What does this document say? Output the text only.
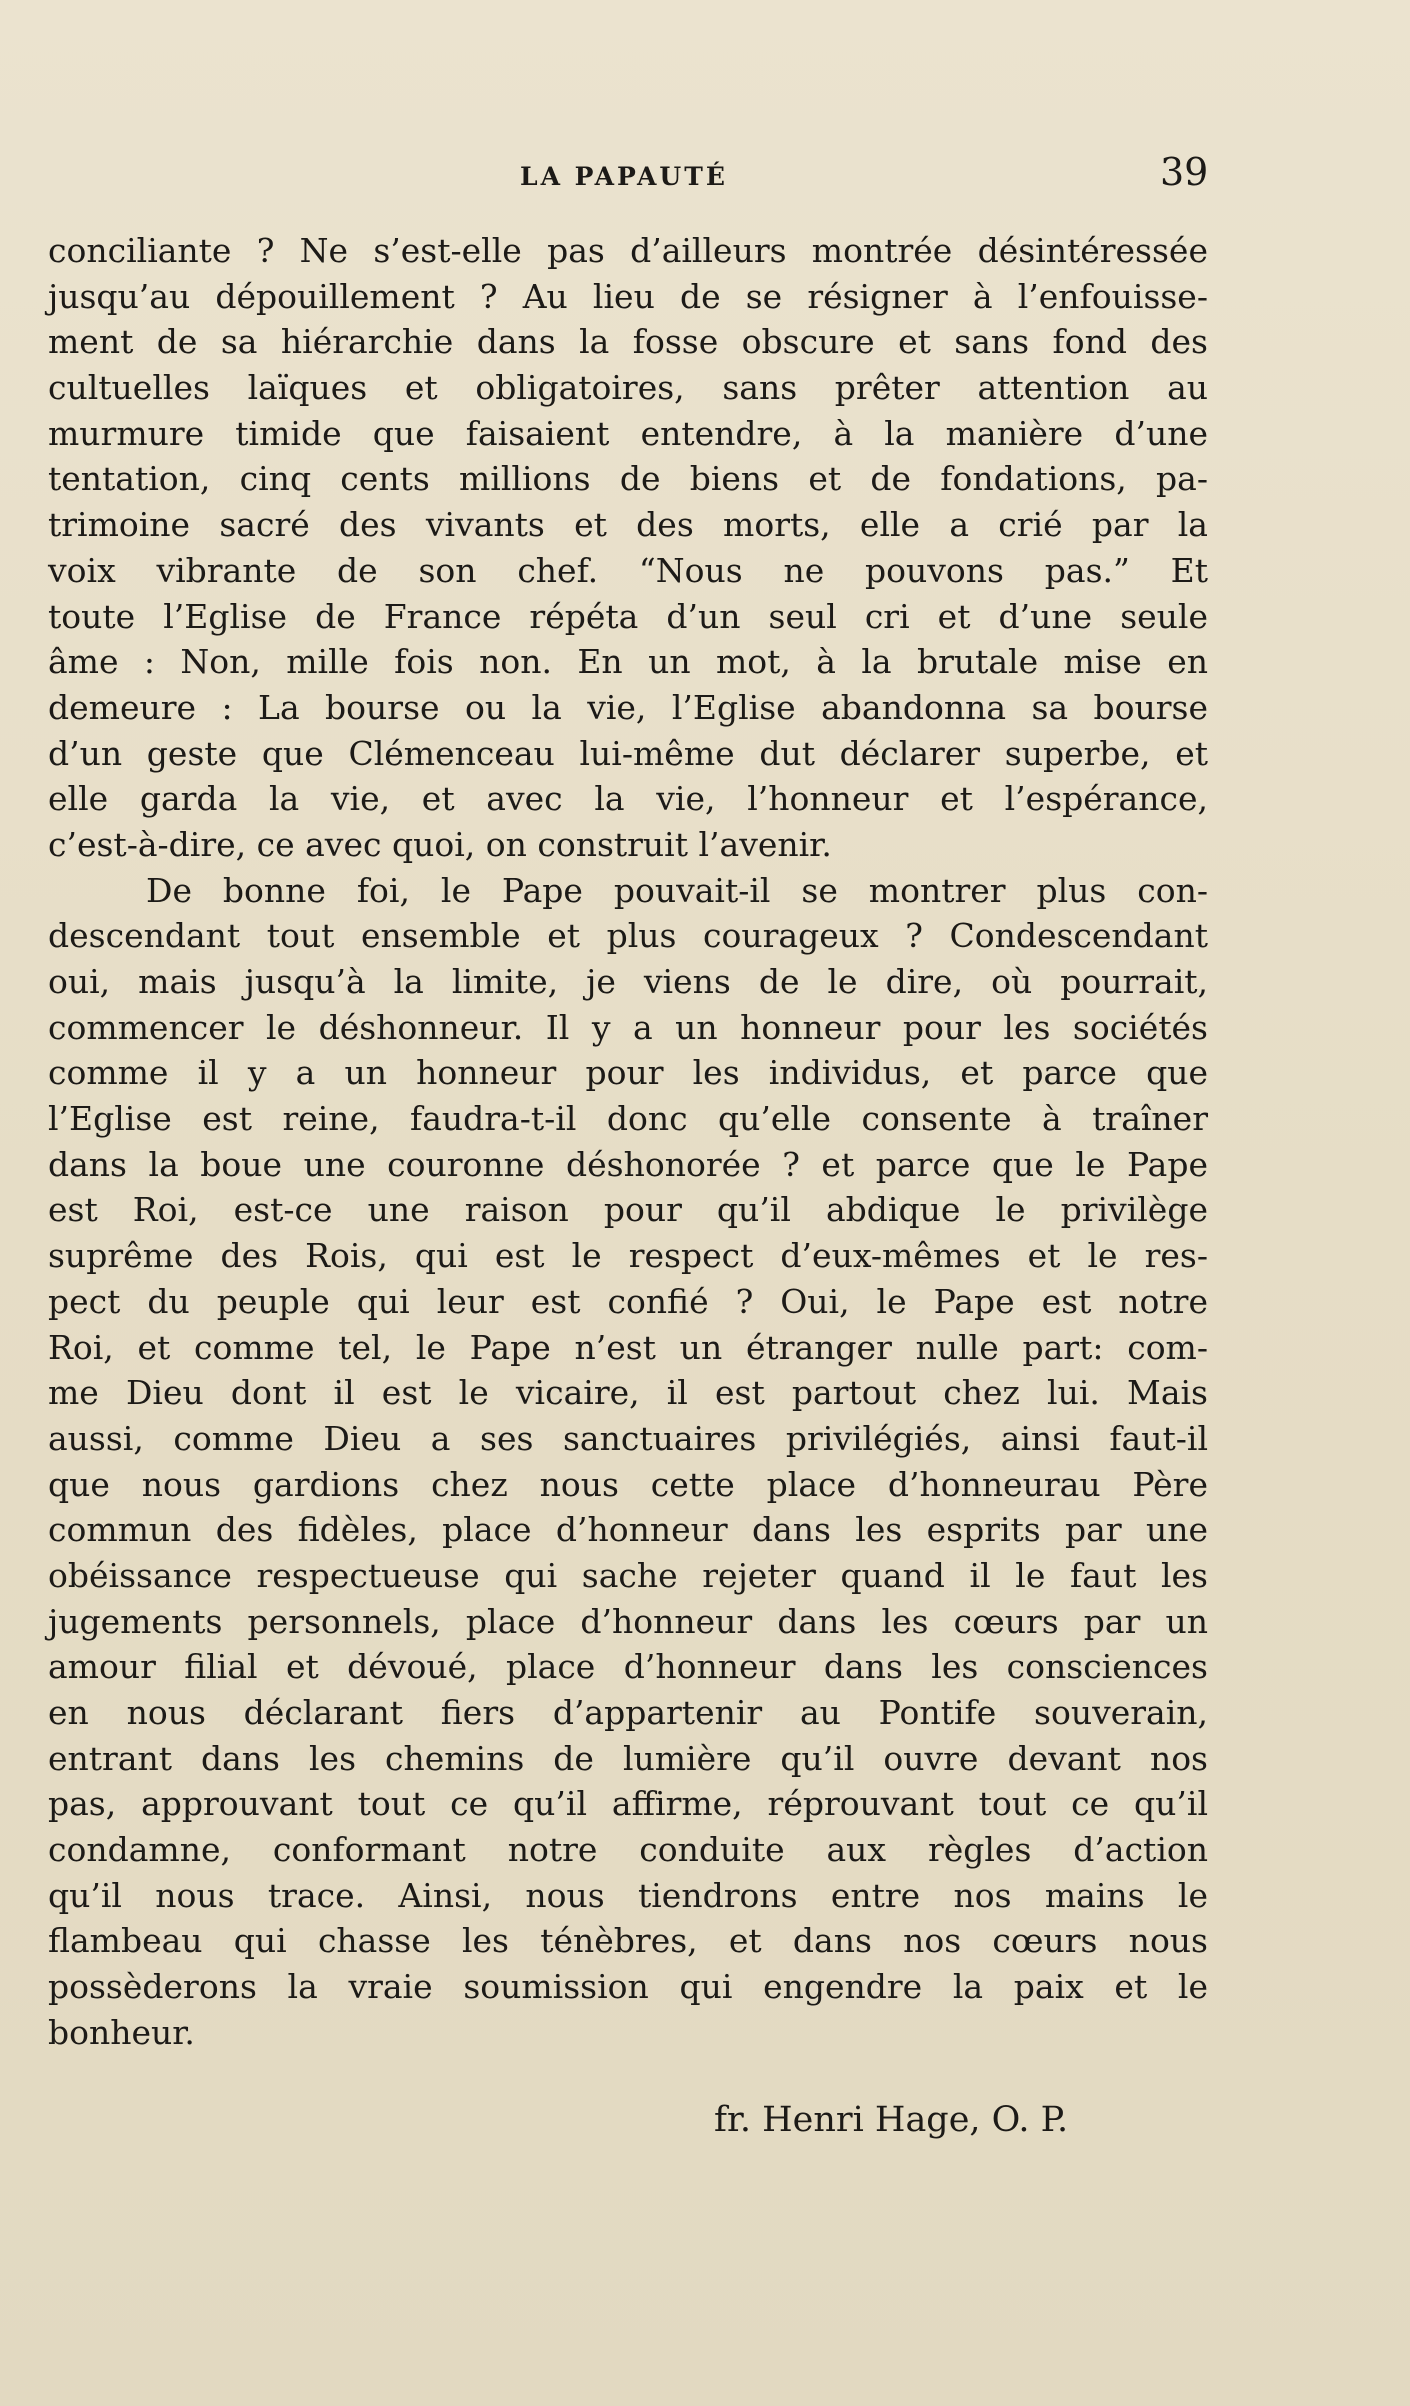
LA PAPAUTÉ	39
conciliante ? Ne s’est-elle pas d’ailleurs montrée désintéressée
jusqu’au dépouillement ? Au lieu de se résigner à l’enfouisse-
ment de sa hiérarchie dans la fosse obscure et sans fond des
cultuelles laïques et obligatoires, sans prêter attention au
murmure timide que faisaient entendre, à la manière d’une
tentation, cinq cents millions de biens et de fondations, pa-
trimoine sacré des vivants et des morts, elle a crié par la
voix vibrante de son chef. “Nous ne pouvons pas.” Et
toute l’Eglise de France répéta d’un seul cri et d’une seule
âme : Non, mille fois non. En un mot, à la brutale mise en
demeure : La bourse ou la vie, l’Eglise abandonna sa bourse
d’un geste que Clémenceau lui-même dut déclarer superbe, et
elle garda la vie, et avec la vie, l’honneur et l’espérance,
c’est-à-dire, ce avec quoi, on construit l’avenir.
De bonne foi, le Pape pouvait-il se montrer plus con-
descendant tout ensemble et plus courageux ? Condescendant
oui, mais jusqu’à la limite, je viens de le dire, où pourrait,
commencer le déshonneur. Il y a un honneur pour les sociétés
comme il y a un honneur pour les individus, et parce que
l’Eglise est reine, faudra-t-il donc qu’elle consente à traîner
dans la boue une couronne déshonorée ? et parce que le Pape
est Roi, est-ce une raison pour qu’il abdique le privilège
suprême des Rois, qui est le respect d’eux-mêmes et le res-
pect du peuple qui leur est confié ? Oui, le Pape est notre
Roi, et comme tel, le Pape n’est un étranger nulle part: com-
me Dieu dont il est le vicaire, il est partout chez lui. Mais
aussi, comme Dieu a ses sanctuaires privilégiés, ainsi faut-il
que nous gardions chez nous cette place d’honneurau Père
commun des fidèles, place d’honneur dans les esprits par une
obéissance respectueuse qui sache rejeter quand il le faut les
jugements personnels, place d’honneur dans les cœurs par un
amour filial et dévoué, place d’honneur dans les consciences
en nous déclarant fiers d’appartenir au Pontife souverain,
entrant dans les chemins de lumière qu’il ouvre devant nos
pas, approuvant tout ce qu’il affirme, réprouvant tout ce qu’il
condamne, conformant notre conduite aux règles d’action
qu’il nous trace. Ainsi, nous tiendrons entre nos mains le
flambeau qui chasse les ténèbres, et dans nos cœurs nous
possèderons la vraie soumission qui engendre la paix et le
bonheur.
fr. Henri Hage, O. P.
